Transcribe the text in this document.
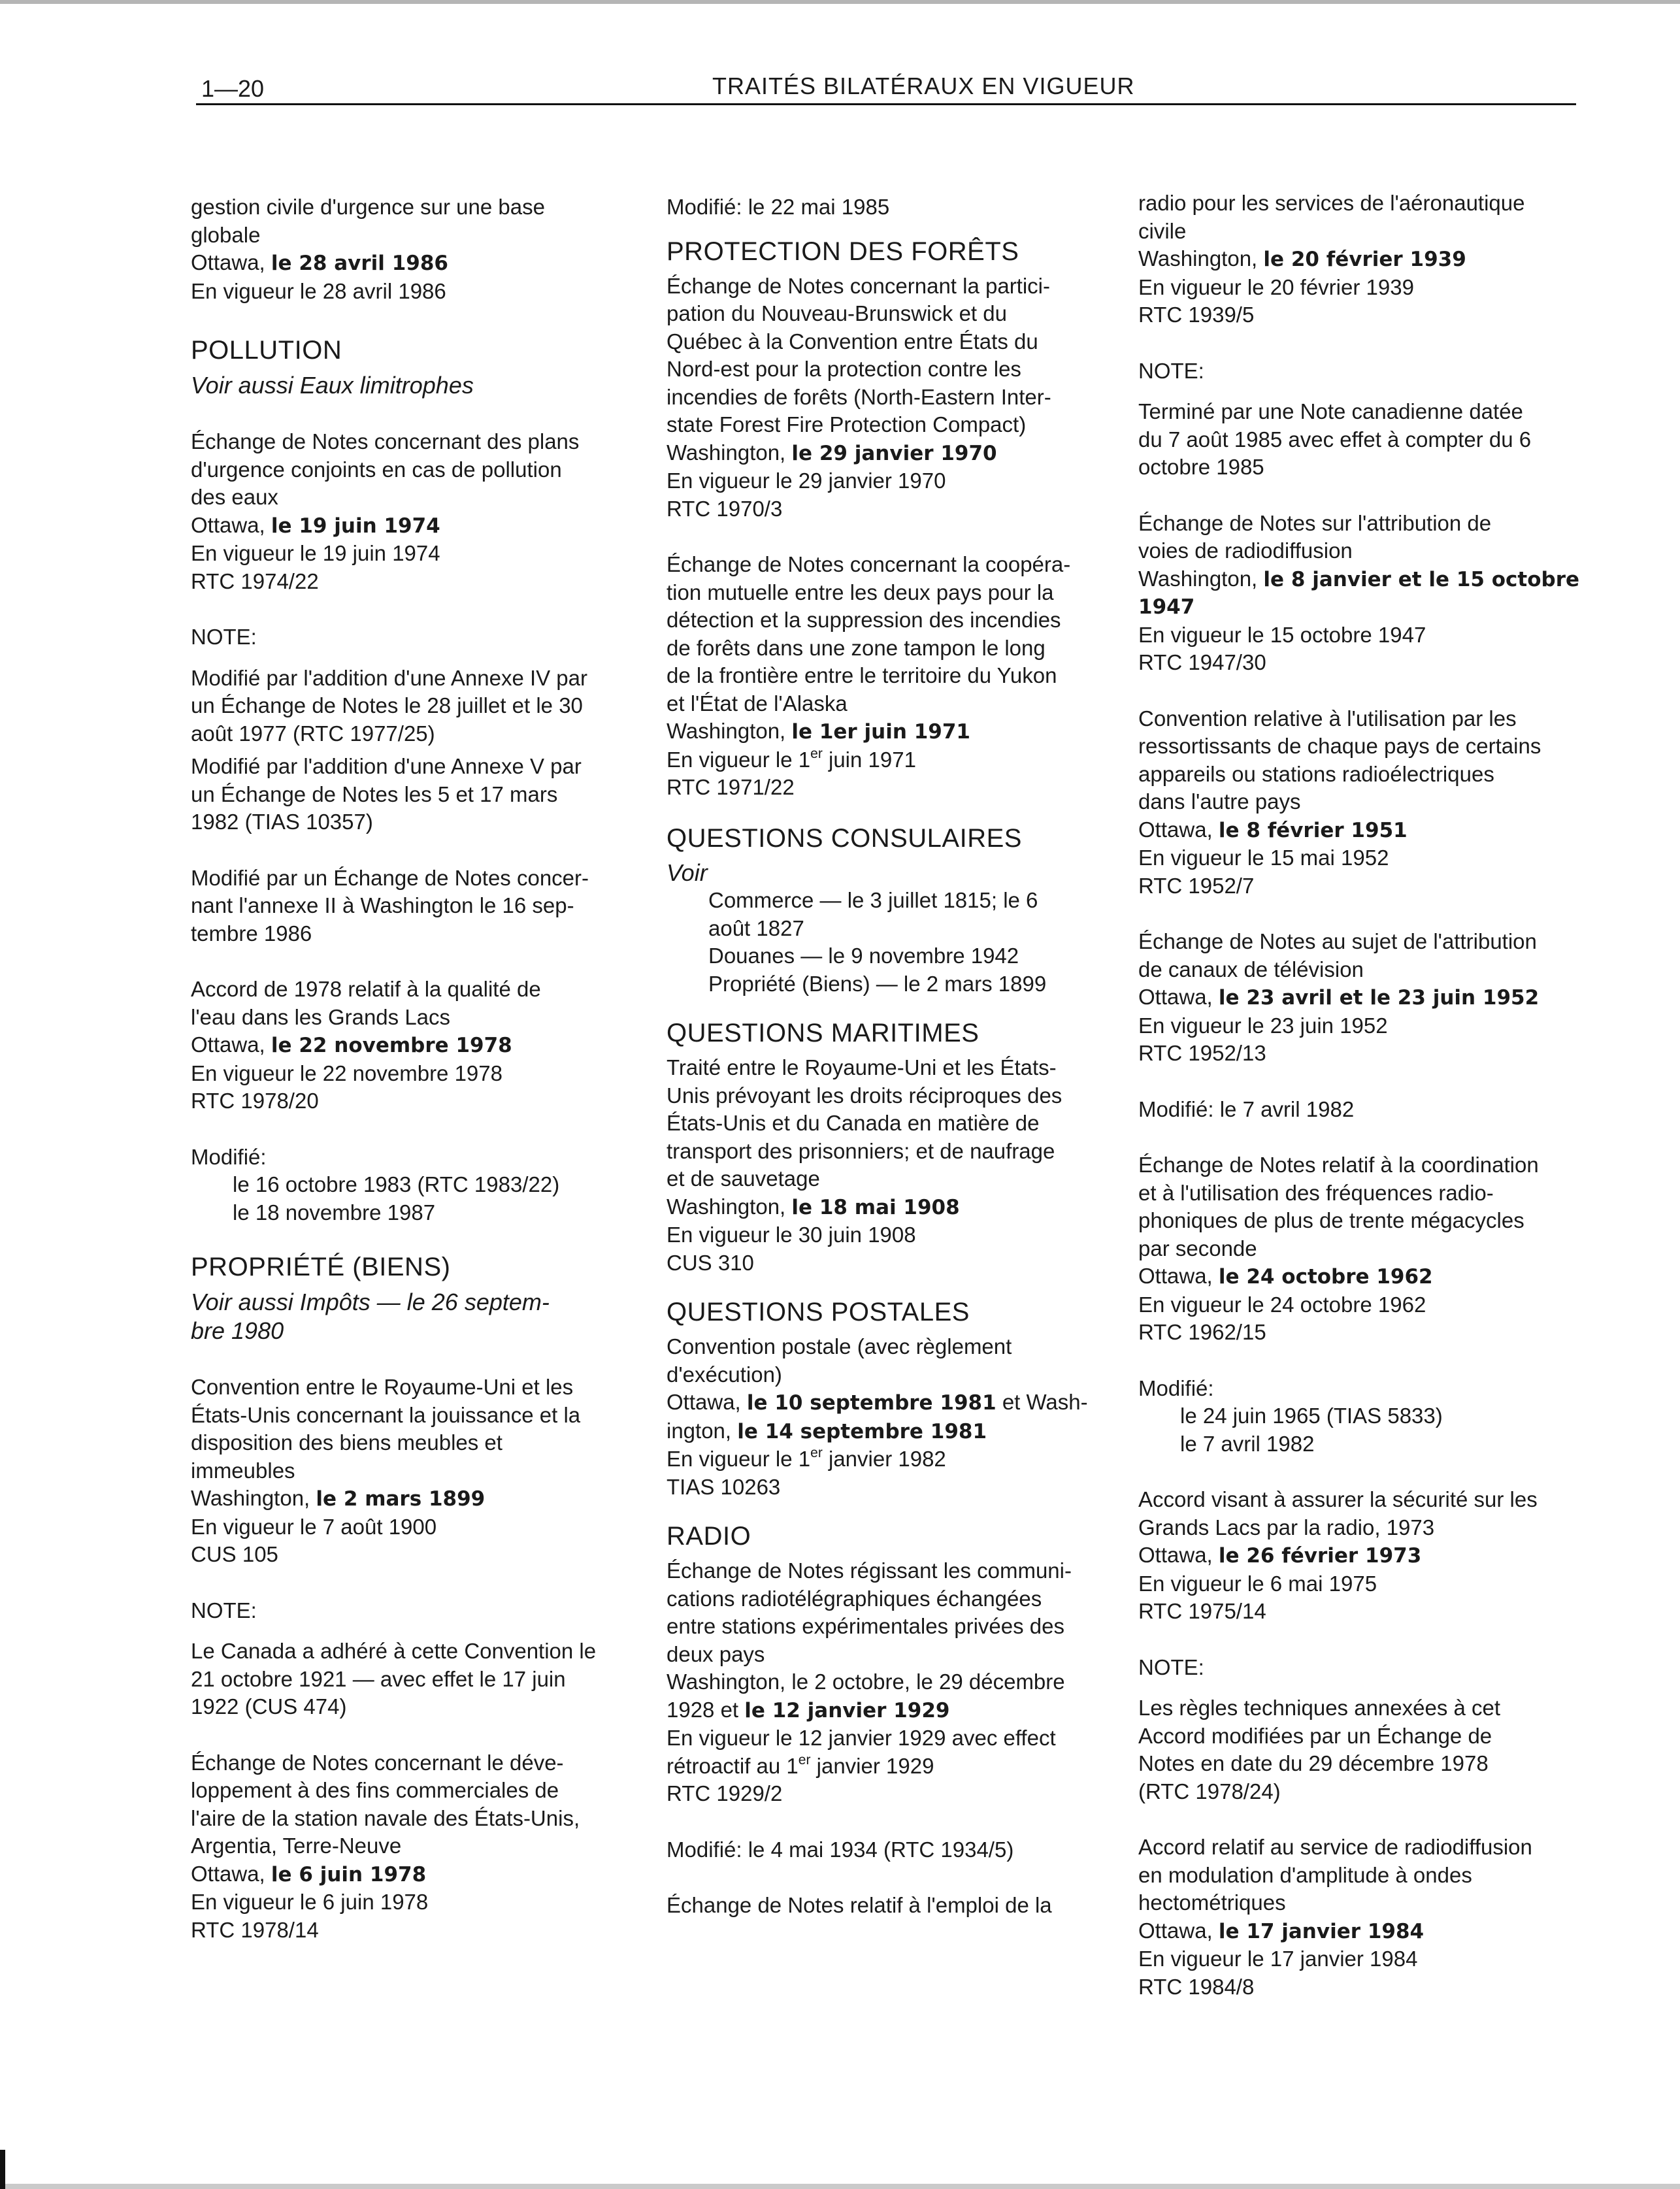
1—20	TRAITÉS BILATÉRAUX EN VIGUEUR
gestion civile d'urgence sur une base
globale
Ottawa, le 28 avril 1986
En vigueur le 28 avril 1986
POLLUTION
Voir aussi Eaux limitrophes
Échange de Notes concernant des plans
d'urgence conjoints en cas de pollution
des eaux
Ottawa, le 19 juin 1974
En vigueur le 19 juin 1974
RTC 1974/22
NOTE:
Modifié par l'addition d'une Annexe IV par
un Échange de Notes le 28 juillet et le 30
août 1977 (RTC 1977/25)
Modifié par l'addition d'une Annexe V par
un Échange de Notes les 5 et 17 mars
1982 (TIAS 10357)
Modifié par un Échange de Notes concer-
nant l'annexe II à Washington le 16 sep-
tembre 1986
Accord de 1978 relatif à la qualité de
l'eau dans les Grands Lacs
Ottawa, le 22 novembre 1978
En vigueur le 22 novembre 1978
RTC 1978/20
Modifié:
le 16 octobre 1983 (RTC 1983/22)
le 18 novembre 1987
PROPRIÉTÉ (BIENS)
Voir aussi Impôts — le 26 septem-
bre 1980
Convention entre le Royaume-Uni et les
États-Unis concernant la jouissance et la
disposition des biens meubles et
immeubles
Washington, le 2 mars 1899
En vigueur le 7 août 1900
CUS 105
NOTE:
Le Canada a adhéré à cette Convention le
21 octobre 1921 — avec effet le 17 juin
1922 (CUS 474)
Échange de Notes concernant le déve-
loppement à des fins commerciales de
l'aire de la station navale des États-Unis,
Argentia, Terre-Neuve
Ottawa, le 6 juin 1978
En vigueur le 6 juin 1978
RTC 1978/14
Modifié: le 22 mai 1985
PROTECTION DES FORÊTS
Échange de Notes concernant la partici-
pation du Nouveau-Brunswick et du
Québec à la Convention entre États du
Nord-est pour la protection contre les
incendies de forêts (North-Eastern Inter-
state Forest Fire Protection Compact)
Washington, le 29 janvier 1970
En vigueur le 29 janvier 1970
RTC 1970/3
Échange de Notes concernant la coopéra-
tion mutuelle entre les deux pays pour la
détection et la suppression des incendies
de forêts dans une zone tampon le long
de la frontière entre le territoire du Yukon
et l'État de l'Alaska
Washington, le 1er juin 1971
En vigueur le 1er juin 1971
RTC 1971/22
QUESTIONS CONSULAIRES
Voir
Commerce — le 3 juillet 1815; le 6
août 1827
Douanes — le 9 novembre 1942
Propriété (Biens) — le 2 mars 1899
QUESTIONS MARITIMES
Traité entre le Royaume-Uni et les États-
Unis prévoyant les droits réciproques des
États-Unis et du Canada en matière de
transport des prisonniers; et de naufrage
et de sauvetage
Washington, le 18 mai 1908
En vigueur le 30 juin 1908
CUS 310
QUESTIONS POSTALES
Convention postale (avec règlement
d'exécution)
Ottawa, le 10 septembre 1981 et Wash-
ington, le 14 septembre 1981
En vigueur le 1er janvier 1982
TIAS 10263
RADIO
Échange de Notes régissant les communi-
cations radiotélégraphiques échangées
entre stations expérimentales privées des
deux pays
Washington, le 2 octobre, le 29 décembre
1928 et le 12 janvier 1929
En vigueur le 12 janvier 1929 avec effect
rétroactif au 1er janvier 1929
RTC 1929/2
Modifié: le 4 mai 1934 (RTC 1934/5)
Échange de Notes relatif à l'emploi de la
radio pour les services de l'aéronautique
civile
Washington, le 20 février 1939
En vigueur le 20 février 1939
RTC 1939/5
NOTE:
Terminé par une Note canadienne datée
du 7 août 1985 avec effet à compter du 6
octobre 1985
Échange de Notes sur l'attribution de
voies de radiodiffusion
Washington, le 8 janvier et le 15 octobre
1947
En vigueur le 15 octobre 1947
RTC 1947/30
Convention relative à l'utilisation par les
ressortissants de chaque pays de certains
appareils ou stations radioélectriques
dans l'autre pays
Ottawa, le 8 février 1951
En vigueur le 15 mai 1952
RTC 1952/7
Échange de Notes au sujet de l'attribution
de canaux de télévision
Ottawa, le 23 avril et le 23 juin 1952
En vigueur le 23 juin 1952
RTC 1952/13
Modifié: le 7 avril 1982
Échange de Notes relatif à la coordination
et à l'utilisation des fréquences radio-
phoniques de plus de trente mégacycles
par seconde
Ottawa, le 24 octobre 1962
En vigueur le 24 octobre 1962
RTC 1962/15
Modifié:
le 24 juin 1965 (TIAS 5833)
le 7 avril 1982
Accord visant à assurer la sécurité sur les
Grands Lacs par la radio, 1973
Ottawa, le 26 février 1973
En vigueur le 6 mai 1975
RTC 1975/14
NOTE:
Les règles techniques annexées à cet
Accord modifiées par un Échange de
Notes en date du 29 décembre 1978
(RTC 1978/24)
Accord relatif au service de radiodiffusion
en modulation d'amplitude à ondes
hectométriques
Ottawa, le 17 janvier 1984
En vigueur le 17 janvier 1984
RTC 1984/8
